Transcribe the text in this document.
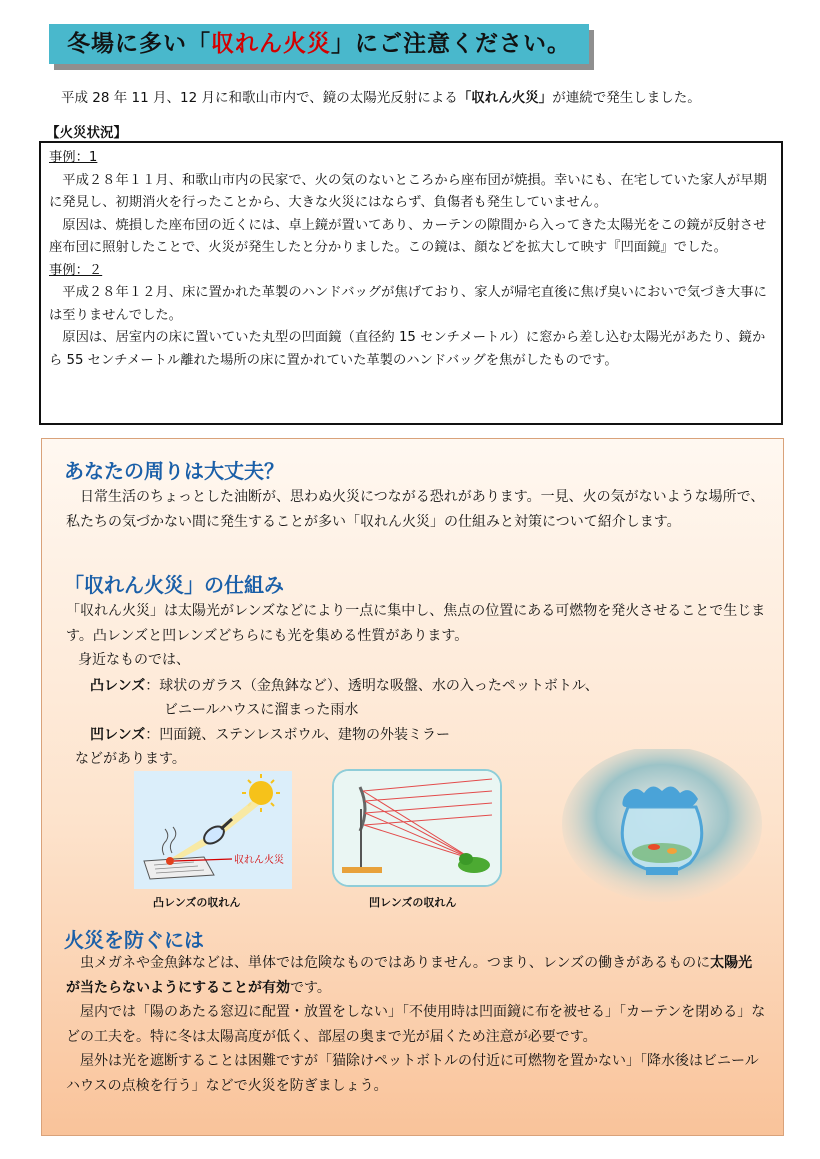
冬場に多い「収れん火災」にご注意ください。
平成 28 年 11 月、12 月に和歌山市内で、鏡の太陽光反射による「収れん火災」が連続で発生しました。
【火災状況】

事例：1

平成２８年１１月、和歌山市内の民家で、火の気のないところから座布団が焼損。幸いにも、在宅していた家人が早期に発見し、初期消火を行ったことから、大きな火災にはならず、負傷者も発生していません。

原因は、焼損した座布団の近くには、卓上鏡が置いてあり、カーテンの隙間から入ってきた太陽光をこの鏡が反射させ座布団に照射したことで、火災が発生したと分かりました。この鏡は、顔などを拡大して映す『凹面鏡』でした。

事例：２

平成２８年１２月、床に置かれた革製のハンドバッグが焦げており、家人が帰宅直後に焦げ臭いにおいで気づき大事には至りませんでした。

原因は、居室内の床に置いていた丸型の凹面鏡（直径約 15 センチメートル）に窓から差し込む太陽光があたり、鏡から 55 センチメートル離れた場所の床に置かれていた革製のハンドバッグを焦がしたものです。

あなたの周りは大丈夫？

日常生活のちょっとした油断が、思わぬ火災につながる恐れがあります。一見、火の気がないような場所で、私たちの気づかない間に発生することが多い「収れん火災」の仕組みと対策について紹介します。

「収れん火災」の仕組み

「収れん火災」は太陽光がレンズなどにより一点に集中し、焦点の位置にある可燃物を発火させることで生じます。凸レンズと凹レンズどちらにも光を集める性質があります。

身近なものでは、

凸レンズ：球状のガラス（金魚鉢など）、透明な吸盤、水の入ったペットボトル、
ビニールハウスに溜まった雨水
凹レンズ：凹面鏡、ステンレスボウル、建物の外装ミラー
などがあります。
収れん火災
凸レンズの収れん	凹レンズの収れん
火災を防ぐには

虫メガネや金魚鉢などは、単体では危険なものではありません。つまり、レンズの働きがあるものに太陽光が当たらないようにすることが有効です。

屋内では「陽のあたる窓辺に配置・放置をしない」「不使用時は凹面鏡に布を被せる」「カーテンを閉める」などの工夫を。特に冬は太陽高度が低く、部屋の奥まで光が届くため注意が必要です。

屋外は光を遮断することは困難ですが「猫除けペットボトルの付近に可燃物を置かない」「降水後はビニールハウスの点検を行う」などで火災を防ぎましょう。
